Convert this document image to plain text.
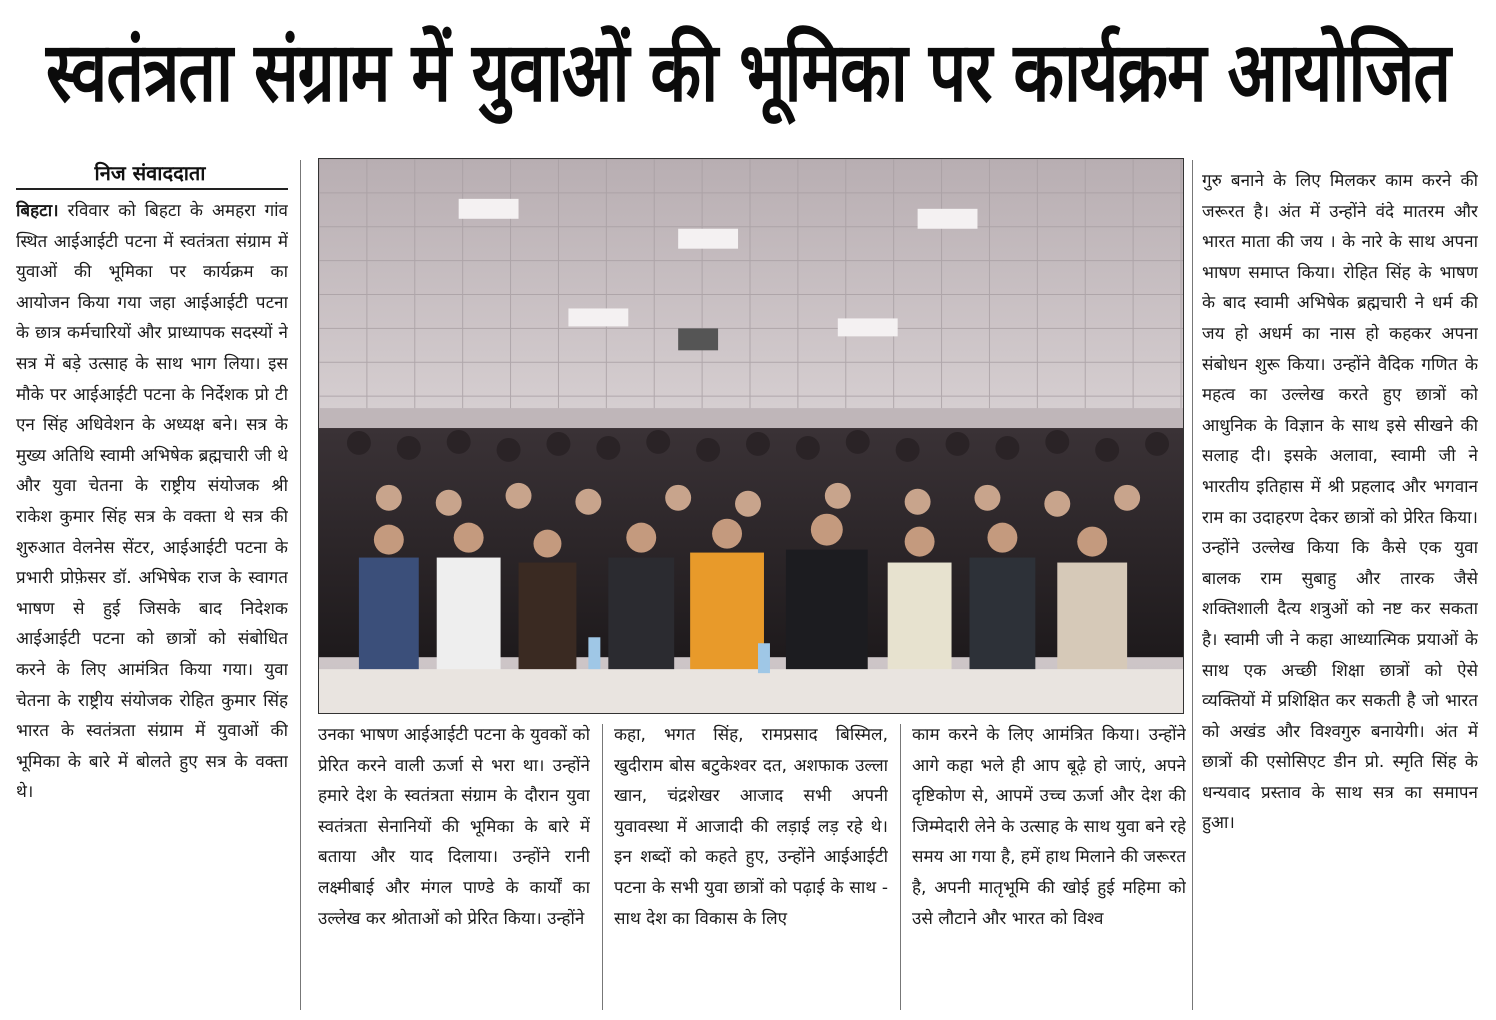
स्वतंत्रता संग्राम में युवाओं की भूमिका पर कार्यक्रम आयोजित
निज संवाददाता

बिहटा। रविवार को बिहटा के अमहरा गांव स्थित आईआईटी पटना में स्वतंत्रता संग्राम में युवाओं की भूमिका पर कार्यक्रम का आयोजन किया गया जहा आईआईटी पटना के छात्र कर्मचारियों और प्राध्यापक सदस्यों ने सत्र में बड़े उत्साह के साथ भाग लिया। इस मौके पर आईआईटी पटना के निर्देशक प्रो टी एन सिंह अधिवेशन के अध्यक्ष बने। सत्र के मुख्य अतिथि स्वामी अभिषेक ब्रह्मचारी जी थे और युवा चेतना के राष्ट्रीय संयोजक श्री राकेश कुमार सिंह सत्र के वक्ता थे सत्र की शुरुआत वेलनेस सेंटर, आईआईटी पटना के प्रभारी प्रोफ़ेसर डॉ. अभिषेक राज के स्वागत भाषण से हुई जिसके बाद निदेशक आईआईटी पटना को छात्रों को संबोधित करने के लिए आमंत्रित किया गया। युवा चेतना के राष्ट्रीय संयोजक रोहित कुमार सिंह भारत के स्वतंत्रता संग्राम में युवाओं की भूमिका के बारे में बोलते हुए सत्र के वक्ता थे।

उनका भाषण आईआईटी पटना के युवकों को प्रेरित करने वाली ऊर्जा से भरा था। उन्होंने हमारे देश के स्वतंत्रता संग्राम के दौरान युवा स्वतंत्रता सेनानियों की भूमिका के बारे में बताया और याद दिलाया। उन्होंने रानी लक्ष्मीबाई और मंगल पाण्डे के कार्यों का उल्लेख कर श्रोताओं को प्रेरित किया। उन्होंने

कहा, भगत सिंह, रामप्रसाद बिस्मिल, खुदीराम बोस बटुकेश्वर दत, अशफाक उल्ला खान, चंद्रशेखर आजाद सभी अपनी युवावस्था में आजादी की लड़ाई लड़ रहे थे। इन शब्दों को कहते हुए, उन्होंने आईआईटी पटना के सभी युवा छात्रों को पढ़ाई के साथ - साथ देश का विकास के लिए

काम करने के लिए आमंत्रित किया। उन्होंने आगे कहा भले ही आप बूढ़े हो जाएं, अपने दृष्टिकोण से, आपमें उच्च ऊर्जा और देश की जिम्मेदारी लेने के उत्साह के साथ युवा बने रहे समय आ गया है, हमें हाथ मिलाने की जरूरत है, अपनी मातृभूमि की खोई हुई महिमा को उसे लौटाने और भारत को विश्व

गुरु बनाने के लिए मिलकर काम करने की जरूरत है। अंत में उन्होंने वंदे मातरम और भारत माता की जय । के नारे के साथ अपना भाषण समाप्त किया। रोहित सिंह के भाषण के बाद स्वामी अभिषेक ब्रह्मचारी ने धर्म की जय हो अधर्म का नास हो कहकर अपना संबोधन शुरू किया। उन्होंने वैदिक गणित के महत्व का उल्लेख करते हुए छात्रों को आधुनिक के विज्ञान के साथ इसे सीखने की सलाह दी। इसके अलावा, स्वामी जी ने भारतीय इतिहास में श्री प्रहलाद और भगवान राम का उदाहरण देकर छात्रों को प्रेरित किया। उन्होंने उल्लेख किया कि कैसे एक युवा बालक राम सुबाहु और तारक जैसे शक्तिशाली दैत्य शत्रुओं को नष्ट कर सकता है। स्वामी जी ने कहा आध्यात्मिक प्रयाओं के साथ एक अच्छी शिक्षा छात्रों को ऐसे व्यक्तियों में प्रशिक्षित कर सकती है जो भारत को अखंड और विश्वगुरु बनायेगी। अंत में छात्रों की एसोसिएट डीन प्रो. स्मृति सिंह के धन्यवाद प्रस्ताव के साथ सत्र का समापन हुआ।
